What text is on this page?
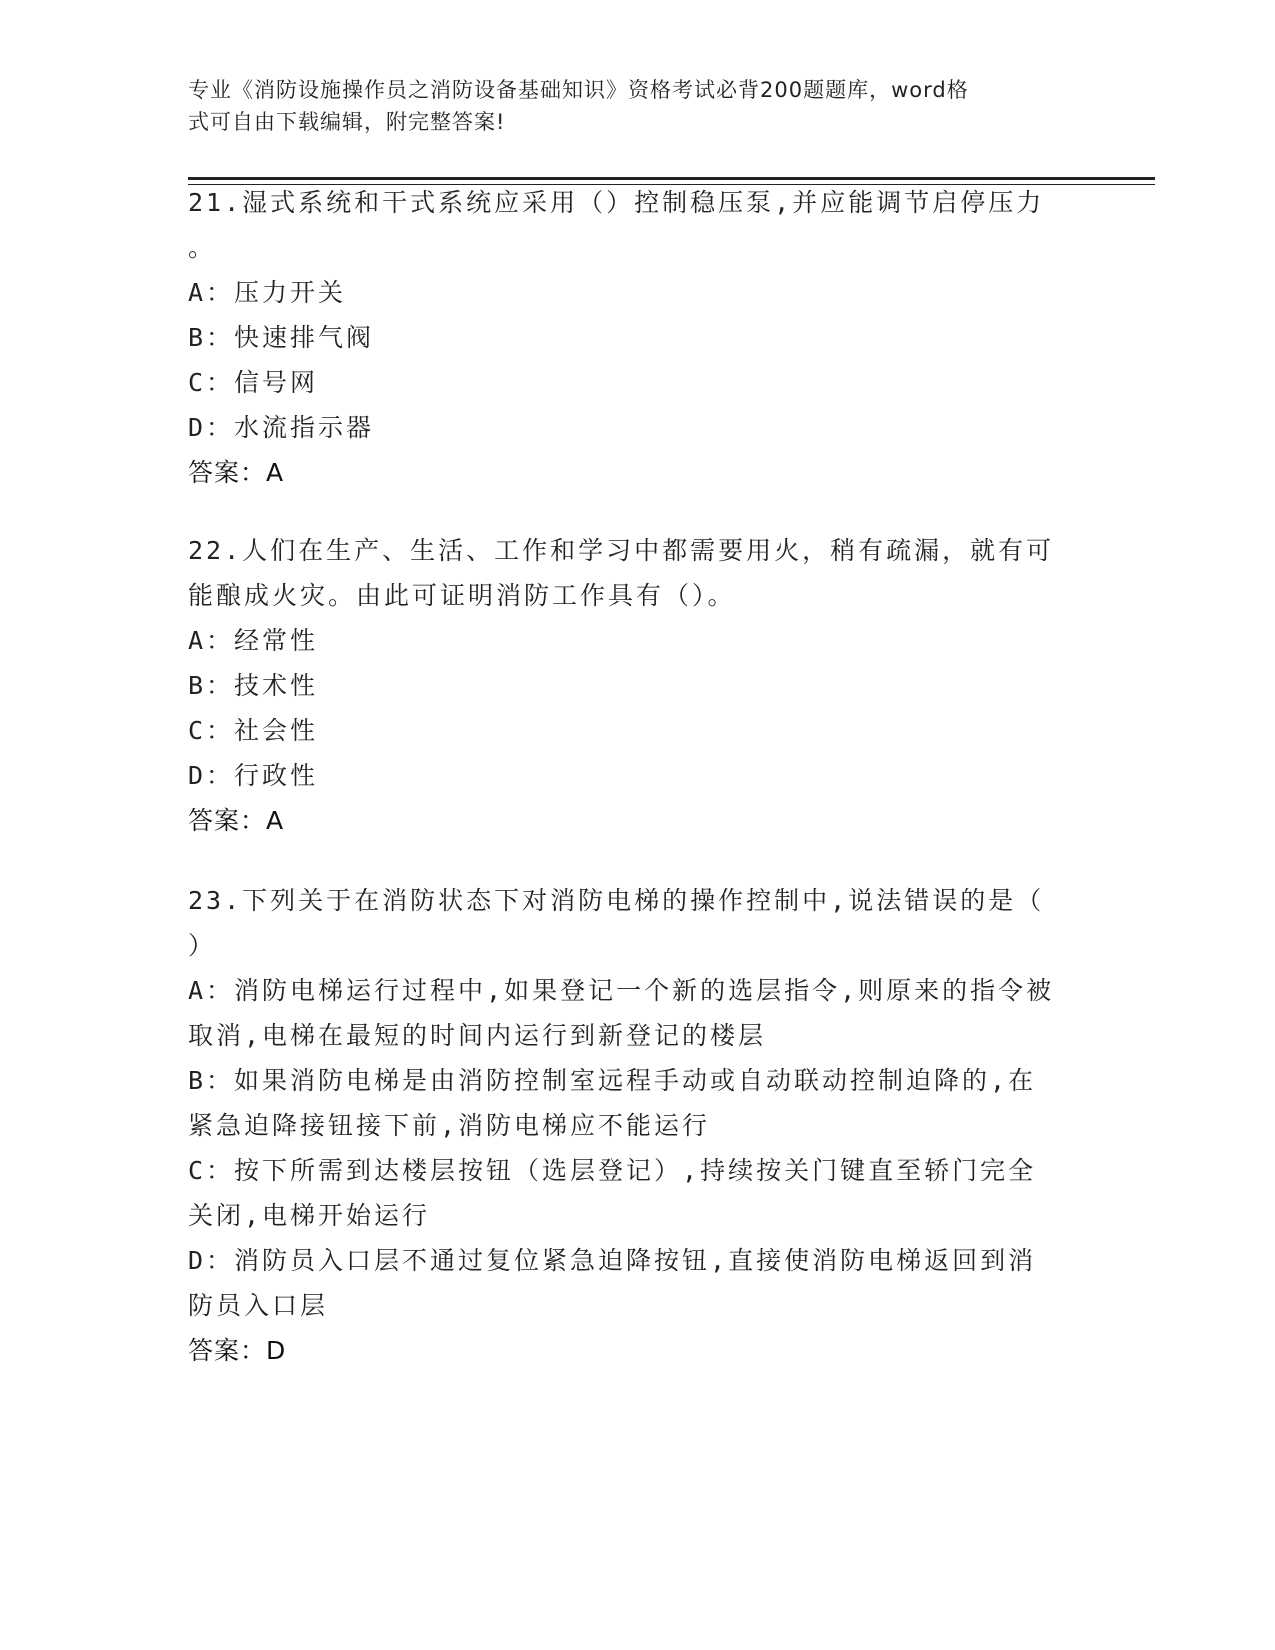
专业《消防设施操作员之消防设备基础知识》资格考试必背200题题库，word格
式可自由下载编辑，附完整答案!
21.湿式系统和干式系统应采用（）控制稳压泵,并应能调节启停压力
。
A：压力开关
B：快速排气阀
C：信号网
D：水流指示器
答案：A
22.人们在生产、生活、工作和学习中都需要用火，稍有疏漏，就有可
能酿成火灾。由此可证明消防工作具有（）。
A：经常性
B：技术性
C：社会性
D：行政性
答案：A
23.下列关于在消防状态下对消防电梯的操作控制中,说法错误的是（
）
A：消防电梯运行过程中,如果登记一个新的选层指令,则原来的指令被
取消,电梯在最短的时间内运行到新登记的楼层
B：如果消防电梯是由消防控制室远程手动或自动联动控制迫降的,在
紧急迫降接钮接下前,消防电梯应不能运行
C：按下所需到达楼层按钮（选层登记）,持续按关门键直至轿门完全
关闭,电梯开始运行
D：消防员入口层不通过复位紧急迫降按钮,直接使消防电梯返回到消
防员入口层
答案：D
